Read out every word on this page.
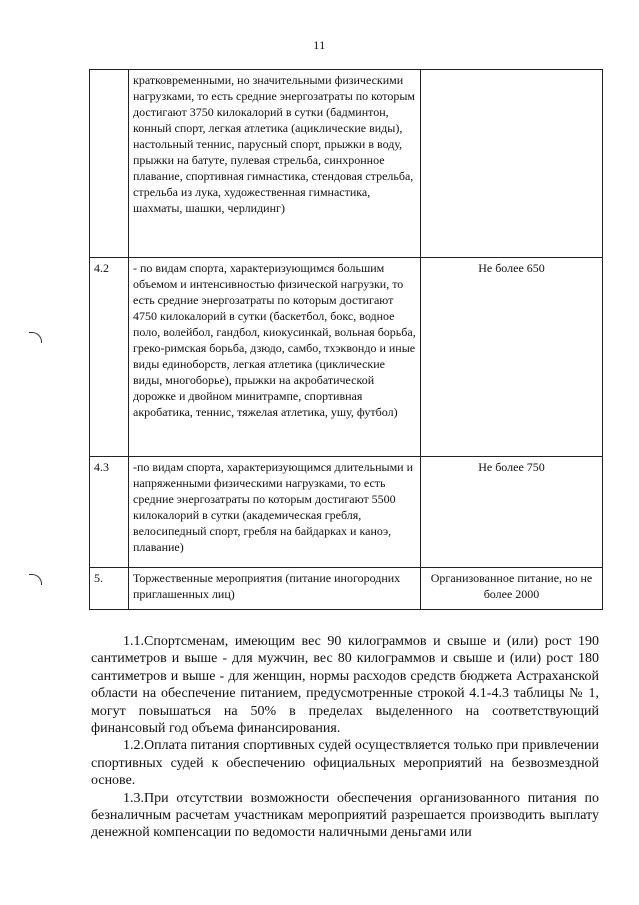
11
	кратковременными, но значительными физическими нагрузками, то есть средние энергозатраты по которым достигают 3750 килокалорий в сутки (бадминтон, конный спорт, легкая атлетика (ациклические виды), настольный теннис, парусный спорт, прыжки в воду, прыжки на батуте, пулевая стрельба, синхронное плавание, спортивная гимнастика, стендовая стрельба, стрельба из лука, художественная гимнастика, шахматы, шашки, черлидинг)	
4.2	- по видам спорта, характеризующимся большим объемом и интенсивностью физической нагрузки, то есть средние энергозатраты по которым достигают 4750 килокалорий в сутки (баскетбол, бокс, водное поло, волейбол, гандбол, киокусинкай, вольная борьба, греко-римская борьба, дзюдо, самбо, тхэквондо и иные виды единоборств, легкая атлетика (циклические виды, многоборье), прыжки на акробатической дорожке и двойном минитрампе, спортивная акробатика, теннис, тяжелая атлетика, ушу, футбол)	Не более 650
4.3	-по видам спорта, характеризующимся длительными и напряженными физическими нагрузками, то есть средние энергозатраты по которым достигают 5500 килокалорий в сутки (академическая гребля, велосипедный спорт, гребля на байдарках и каноэ, плавание)	Не более 750
5.	Торжественные мероприятия (питание иногородних приглашенных лиц)	Организованное питание, но не более 2000

1.1.Спортсменам, имеющим вес 90 килограммов и свыше и (или) рост 190 сантиметров и выше - для мужчин, вес 80 килограммов и свыше и (или) рост 180 сантиметров и выше - для женщин, нормы расходов средств бюджета Астраханской области на обеспечение питанием, предусмотренные строкой 4.1-4.3 таблицы № 1, могут повышаться на 50% в пределах выделенного на соответствующий финансовый год объема финансирования.

1.2.Оплата питания спортивных судей осуществляется только при привлечении спортивных судей к обеспечению официальных мероприятий на безвозмездной основе.

1.3.При отсутствии возможности обеспечения организованного питания по безналичным расчетам участникам мероприятий разрешается производить выплату денежной компенсации по ведомости наличными деньгами или
